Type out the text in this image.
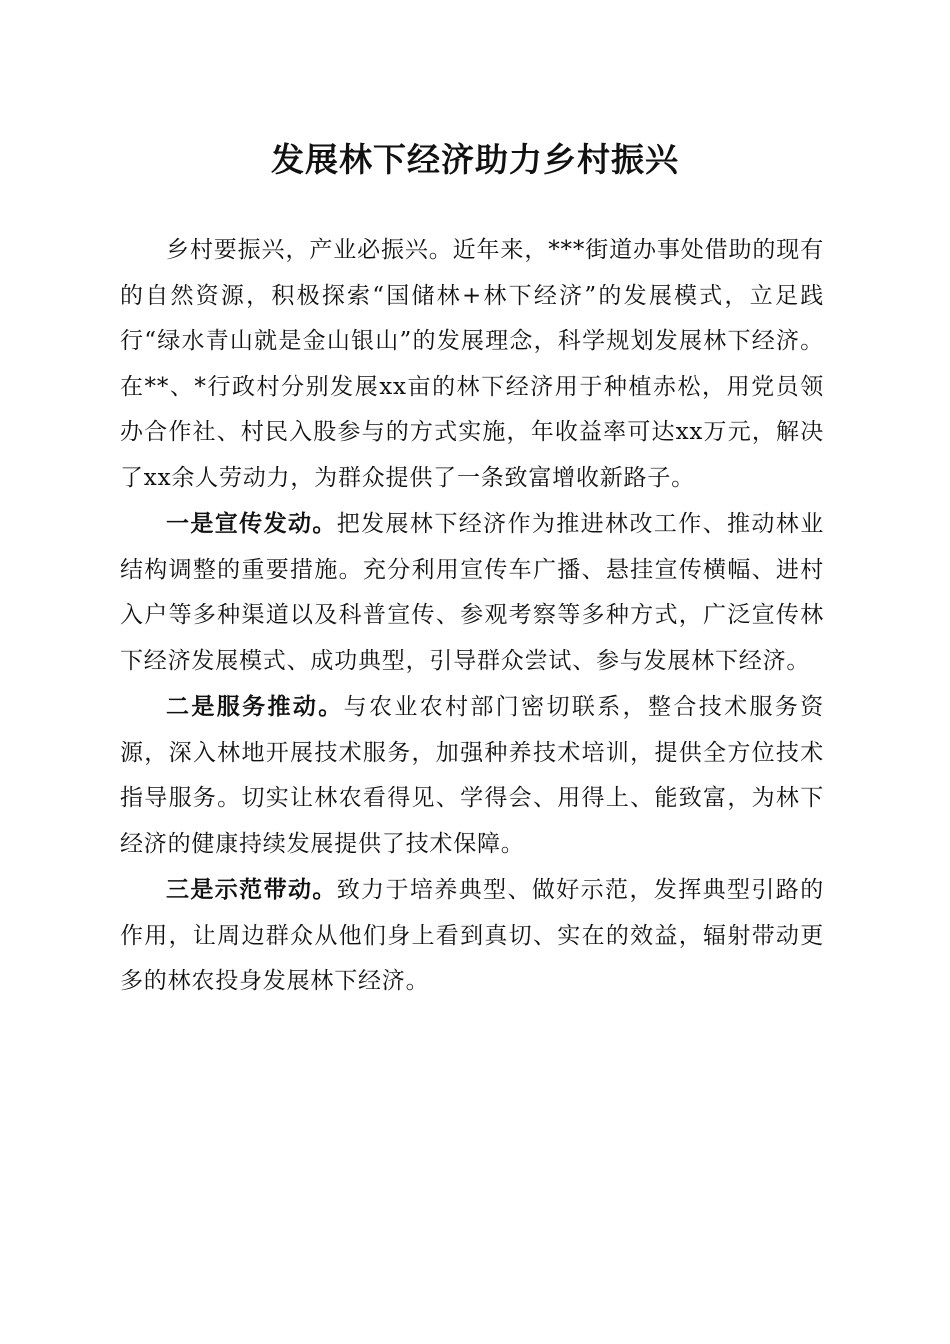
发展林下经济助力乡村振兴

乡村要振兴，产业必振兴。近年来，***街道办事处借助的现有的自然资源，积极探索“国储林+林下经济”的发展模式，立足践行“绿水青山就是金山银山”的发展理念，科学规划发展林下经济。在**、*行政村分别发展xx亩的林下经济用于种植赤松，用党员领办合作社、村民入股参与的方式实施，年收益率可达xx万元，解决了xx余人劳动力，为群众提供了一条致富增收新路子。

一是宣传发动。把发展林下经济作为推进林改工作、推动林业结构调整的重要措施。充分利用宣传车广播、悬挂宣传横幅、进村入户等多种渠道以及科普宣传、参观考察等多种方式，广泛宣传林下经济发展模式、成功典型，引导群众尝试、参与发展林下经济。

二是服务推动。与农业农村部门密切联系，整合技术服务资源，深入林地开展技术服务，加强种养技术培训，提供全方位技术指导服务。切实让林农看得见、学得会、用得上、能致富，为林下经济的健康持续发展提供了技术保障。

三是示范带动。致力于培养典型、做好示范，发挥典型引路的作用，让周边群众从他们身上看到真切、实在的效益，辐射带动更多的林农投身发展林下经济。
